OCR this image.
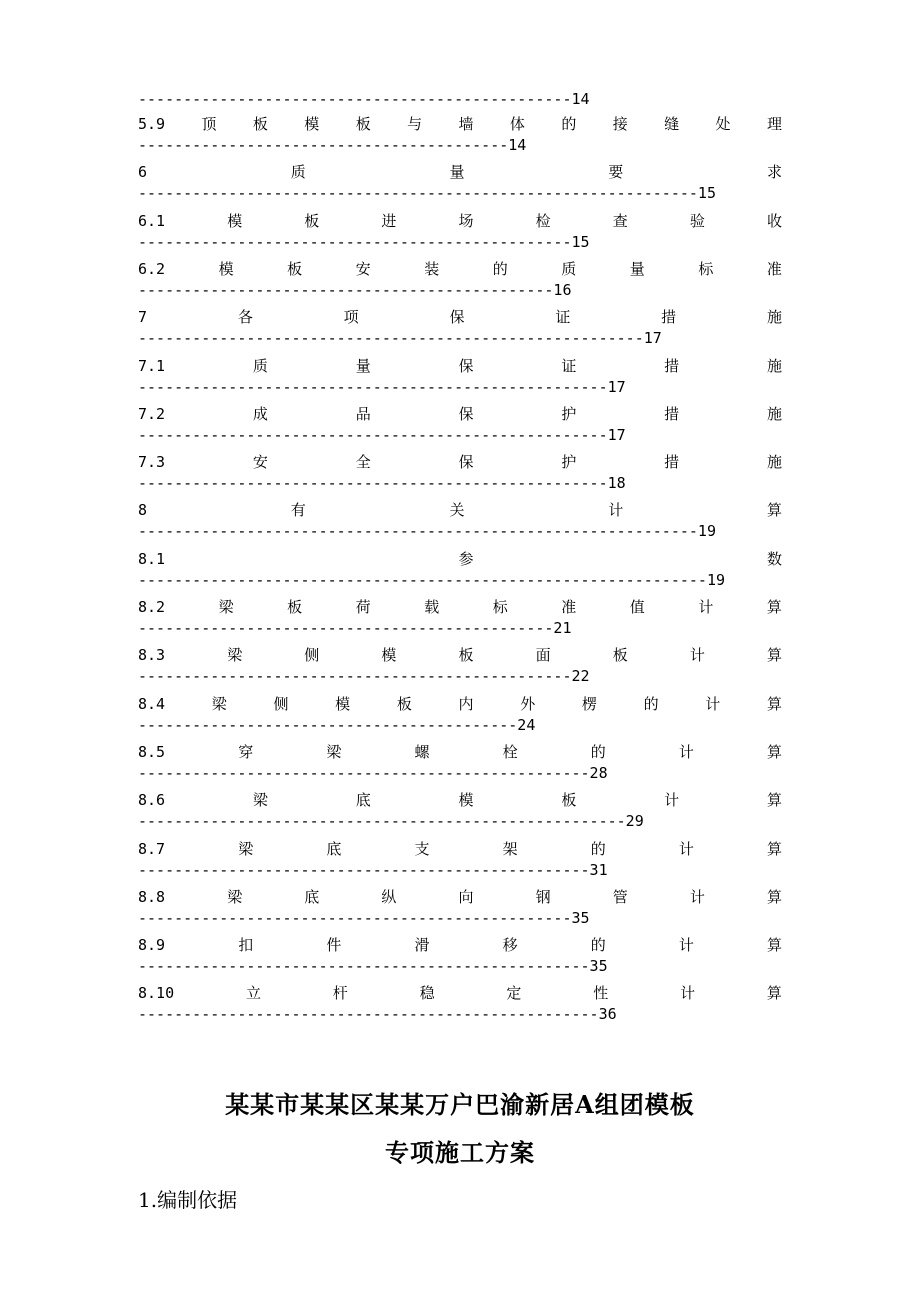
------------------------------------------------14
5.9 顶 板 模 板 与 墙 体 的 接 缝 处 理
-----------------------------------------14
6	质	量	要	求
--------------------------------------------------------------15
6.1	模	板	进	场	检	查	验	收
------------------------------------------------15
6.2	模	板	安	装	的	质	量	标	准
----------------------------------------------16
7	各	项	保	证	措	施
--------------------------------------------------------17
7.1	质	量	保	证	措	施
----------------------------------------------------17
7.2	成	品	保	护	措	施
----------------------------------------------------17
7.3	安	全	保	护	措	施
----------------------------------------------------18
8	有	关	计	算
--------------------------------------------------------------19
8.1	参	数
---------------------------------------------------------------19
8.2	梁	板	荷	载	标	准	值	计	算
----------------------------------------------21
8.3	梁	侧	模	板	面	板	计	算
------------------------------------------------22
8.4	梁	侧	模	板	内	外	楞	的	计	算
------------------------------------------24
8.5	穿	梁	螺	栓	的	计	算
--------------------------------------------------28
8.6	梁	底	模	板	计	算
------------------------------------------------------29
8.7	梁	底	支	架	的	计	算
--------------------------------------------------31
8.8	梁	底	纵	向	钢	管	计	算
------------------------------------------------35
8.9	扣	件	滑	移	的	计	算
--------------------------------------------------35
8.10	立	杆	稳	定	性	计	算
---------------------------------------------------36
某某市某某区某某万户巴渝新居A组团模板
专项施工方案
1.编制依据
